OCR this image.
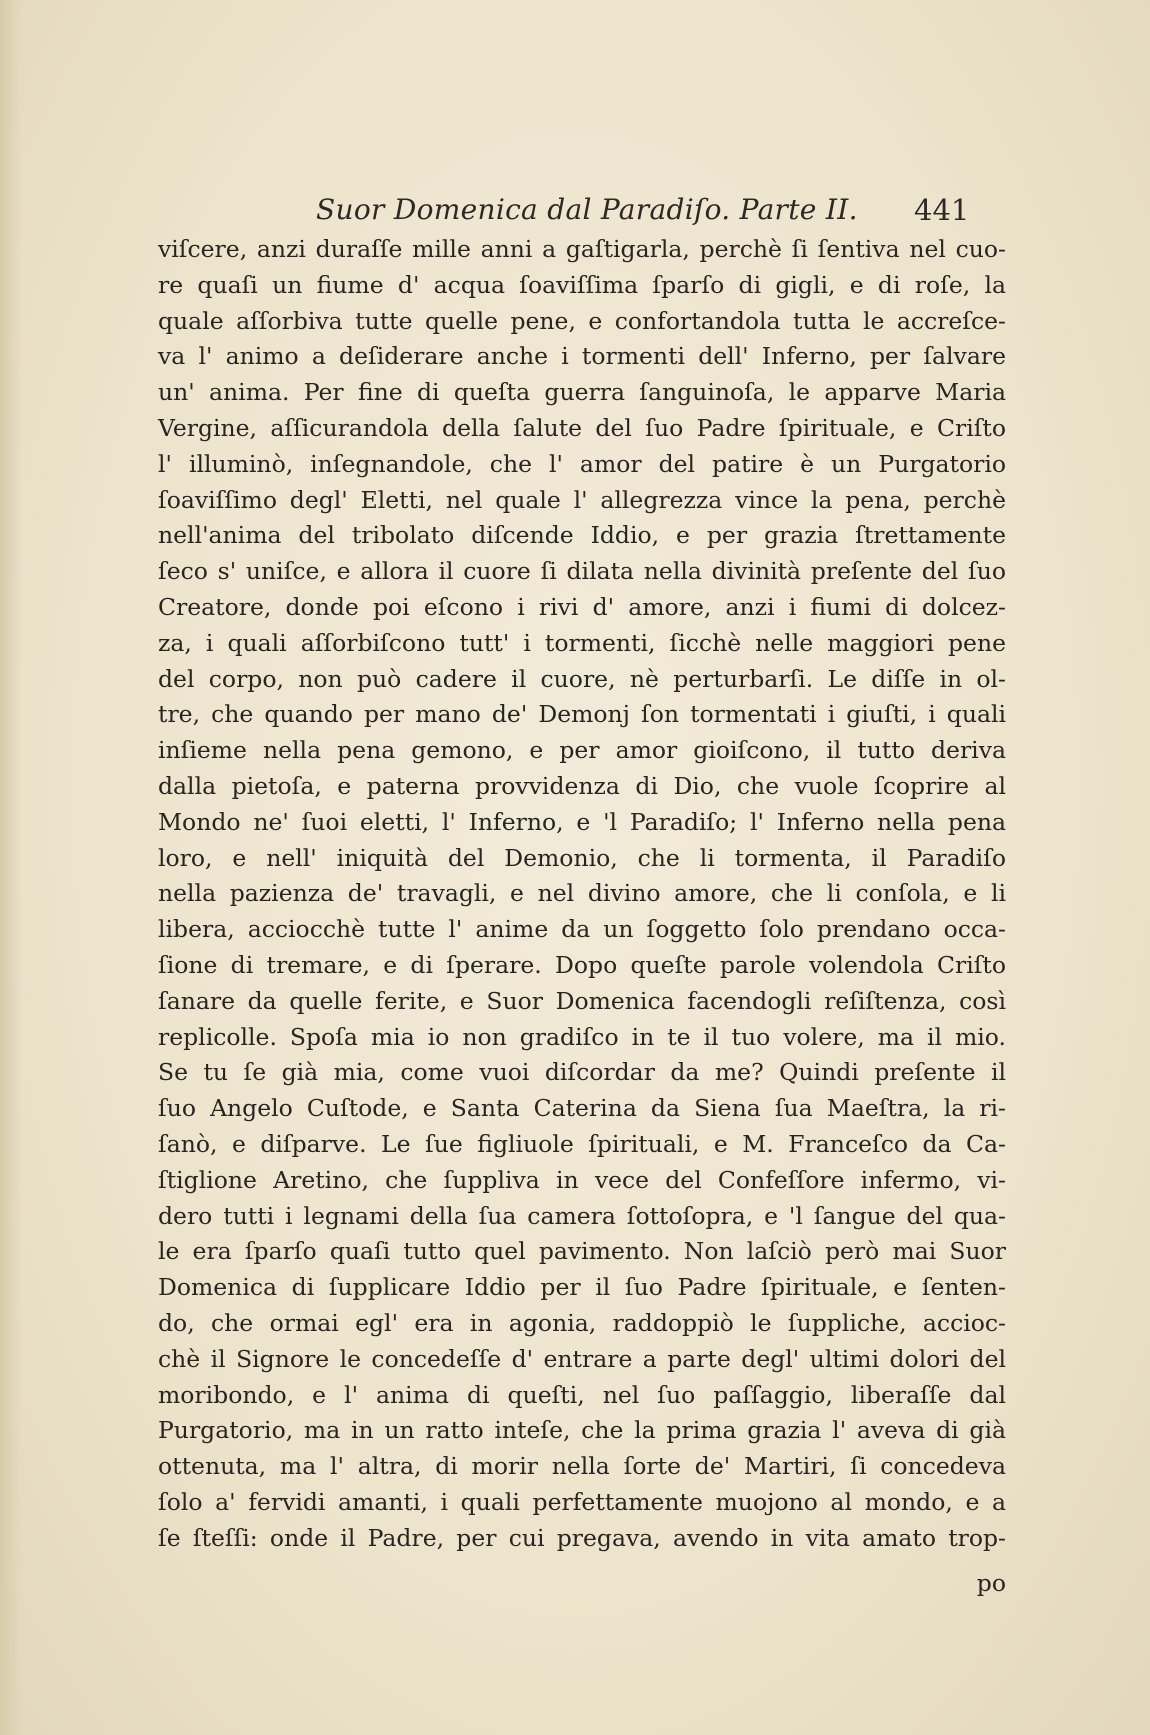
Suor Domenica dal Paradiſo. Parte II. 441
viſcere, anzi duraſſe mille anni a gaſtigarla, perchè ſi ſentiva nel cuo-
re quaſi un fiume d' acqua ſoaviſſima ſparſo di gigli, e di roſe, la
quale aſſorbiva tutte quelle pene, e confortandola tutta le accreſce-
va l' animo a deſiderare anche i tormenti dell' Inferno, per ſalvare
un' anima. Per fine di queſta guerra ſanguinoſa, le apparve Maria
Vergine, aſſicurandola della ſalute del ſuo Padre ſpirituale, e Criſto
l' illuminò, inſegnandole, che l' amor del patire è un Purgatorio
ſoaviſſimo degl' Eletti, nel quale l' allegrezza vince la pena, perchè
nell'anima del tribolato diſcende Iddio, e per grazia ſtrettamente
ſeco s' uniſce, e allora il cuore ſi dilata nella divinità preſente del ſuo
Creatore, donde poi eſcono i rivi d' amore, anzi i fiumi di dolcez-
za, i quali aſſorbiſcono tutt' i tormenti, ſicchè nelle maggiori pene
del corpo, non può cadere il cuore, nè perturbarſi. Le diſſe in ol-
tre, che quando per mano de' Demonj ſon tormentati i giuſti, i quali
inſieme nella pena gemono, e per amor gioiſcono, il tutto deriva
dalla pietoſa, e paterna provvidenza di Dio, che vuole ſcoprire al
Mondo ne' ſuoi eletti, l' Inferno, e 'l Paradiſo; l' Inferno nella pena
loro, e nell' iniquità del Demonio, che li tormenta, il Paradiſo
nella pazienza de' travagli, e nel divino amore, che li conſola, e li
libera, acciocchè tutte l' anime da un ſoggetto ſolo prendano occa-
ſione di tremare, e di ſperare. Dopo queſte parole volendola Criſto
ſanare da quelle ferite, e Suor Domenica facendogli reſiſtenza, così
replicolle. Spoſa mia io non gradiſco in te il tuo volere, ma il mio.
Se tu ſe già mia, come vuoi diſcordar da me? Quindi preſente il
ſuo Angelo Cuſtode, e Santa Caterina da Siena ſua Maeſtra, la ri-
ſanò, e diſparve. Le ſue figliuole ſpirituali, e M. Franceſco da Ca-
ſtiglione Aretino, che ſuppliva in vece del Confeſſore infermo, vi-
dero tutti i legnami della ſua camera ſottoſopra, e 'l ſangue del qua-
le era ſparſo quaſi tutto quel pavimento. Non laſciò però mai Suor
Domenica di ſupplicare Iddio per il ſuo Padre ſpirituale, e ſenten-
do, che ormai egl' era in agonia, raddoppiò le ſuppliche, accioc-
chè il Signore le concedeſſe d' entrare a parte degl' ultimi dolori del
moribondo, e l' anima di queſti, nel ſuo paſſaggio, liberaſſe dal
Purgatorio, ma in un ratto inteſe, che la prima grazia l' aveva di già
ottenuta, ma l' altra, di morir nella ſorte de' Martiri, ſi concedeva
ſolo a' fervidi amanti, i quali perfettamente muojono al mondo, e a
ſe ſteſſi: onde il Padre, per cui pregava, avendo in vita amato trop-
po
